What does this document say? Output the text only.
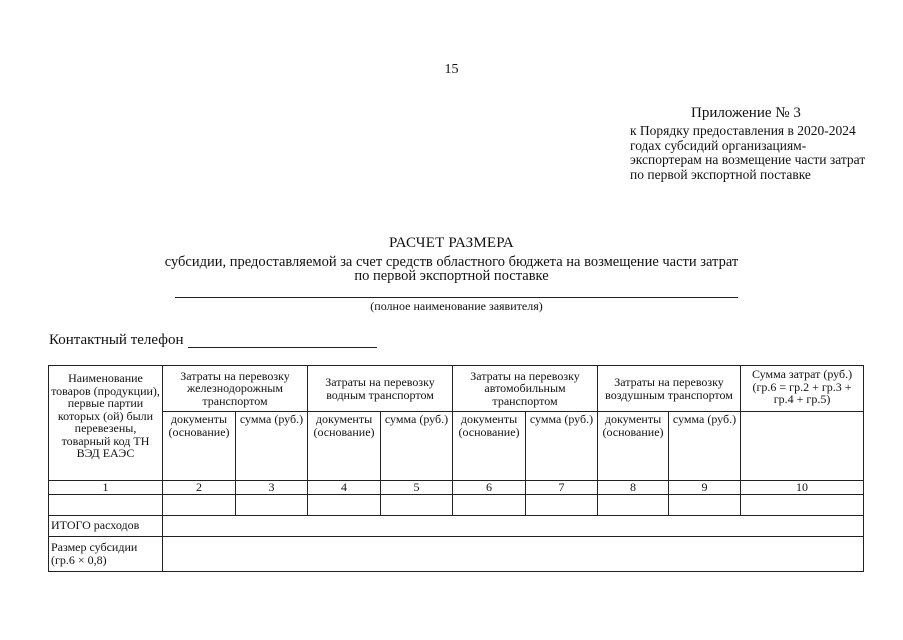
15
Приложение № 3
к Порядку предоставления в 2020-2024 годах субсидий организациям-экспортерам на возмещение части затрат по первой экспортной поставке
РАСЧЕТ РАЗМЕРА
субсидии, предоставляемой за счет средств областного бюджета на возмещение части затрат
по первой экспортной поставке
(полное наименование заявителя)
Контактный телефон
Наименование товаров (продукции), первые партии которых (ой) были перевезены, товарный код ТН ВЭД ЕАЭС	Затраты на перевозку железнодорожным транспортом		Затраты на перевозку водным транспортом		Затраты на перевозку автомобильным транспортом		Затраты на перевозку воздушным транспортом		Сумма затрат (руб.) (гр.6 = гр.2 + гр.3 + гр.4 + гр.5)
	документы (основание)	сумма (руб.)	документы (основание)	сумма (руб.)	документы (основание)	сумма (руб.)	документы (основание)	сумма (руб.)	
1	2	3	4	5	6	7	8	9	10

ИТОГО расходов									
Размер субсидии (гр.6 × 0,8)									
